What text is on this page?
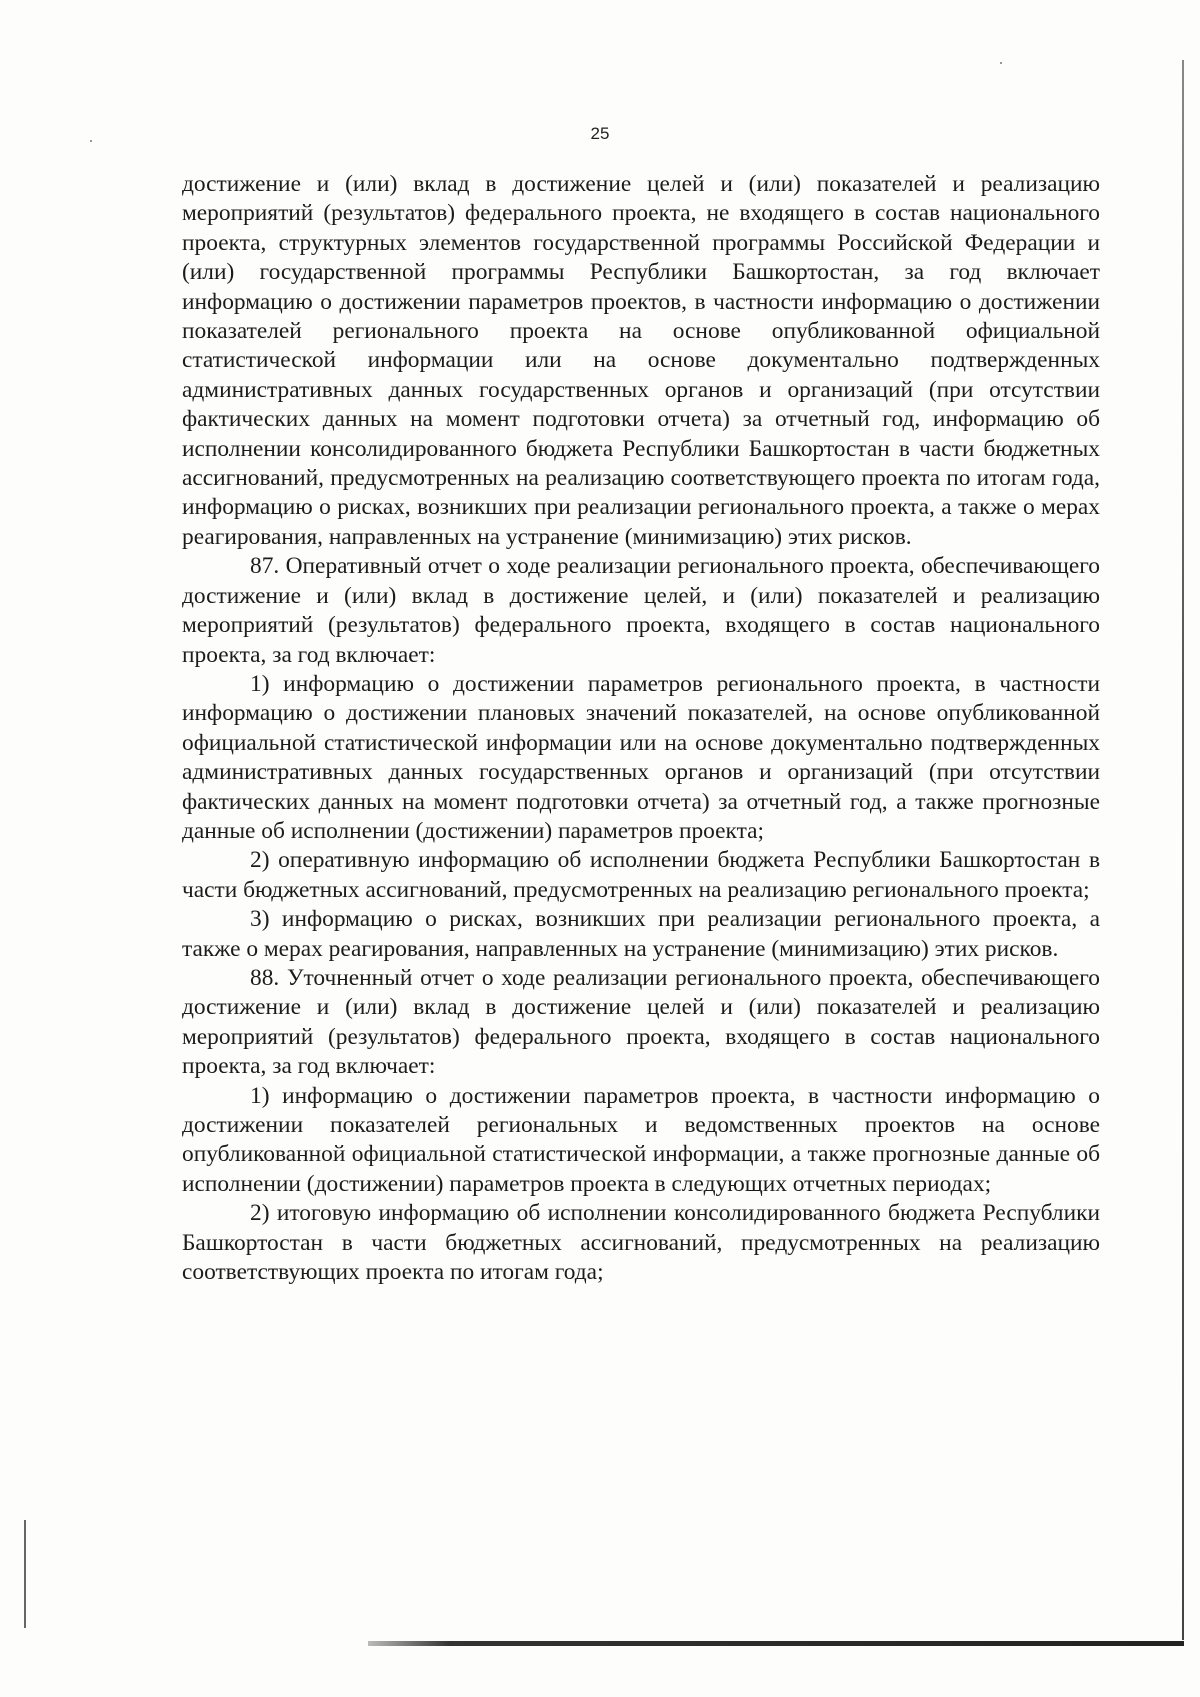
25

достижение и (или) вклад в достижение целей и (или) показателей и реализацию мероприятий (результатов) федерального проекта, не входящего в состав национального проекта, структурных элементов государственной программы Российской Федерации и (или) государственной программы Республики Башкортостан, за год включает информацию о достижении параметров проектов, в частности информацию о достижении показателей регионального проекта на основе опубликованной официальной статистической информации или на основе документально подтвержденных административных данных государственных органов и организаций (при отсутствии фактических данных на момент подготовки отчета) за отчетный год, информацию об исполнении консолидированного бюджета Республики Башкортостан в части бюджетных ассигнований, предусмотренных на реализацию соответствующего проекта по итогам года, информацию о рисках, возникших при реализации регионального проекта, а также о мерах реагирования, направленных на устранение (минимизацию) этих рисков.

87. Оперативный отчет о ходе реализации регионального проекта, обеспечивающего достижение и (или) вклад в достижение целей, и (или) показателей и реализацию мероприятий (результатов) федерального проекта, входящего в состав национального проекта, за год включает:

1) информацию о достижении параметров регионального проекта, в частности информацию о достижении плановых значений показателей, на основе опубликованной официальной статистической информации или на основе документально подтвержденных административных данных государственных органов и организаций (при отсутствии фактических данных на момент подготовки отчета) за отчетный год, а также прогнозные данные об исполнении (достижении) параметров проекта;

2) оперативную информацию об исполнении бюджета Республики Башкортостан в части бюджетных ассигнований, предусмотренных на реализацию регионального проекта;

3) информацию о рисках, возникших при реализации регионального проекта, а также о мерах реагирования, направленных на устранение (минимизацию) этих рисков.

88. Уточненный отчет о ходе реализации регионального проекта, обеспечивающего достижение и (или) вклад в достижение целей и (или) показателей и реализацию мероприятий (результатов) федерального проекта, входящего в состав национального проекта, за год включает:

1) информацию о достижении параметров проекта, в частности информацию о достижении показателей региональных и ведомственных проектов на основе опубликованной официальной статистической информации, а также прогнозные данные об исполнении (достижении) параметров проекта в следующих отчетных периодах;

2) итоговую информацию об исполнении консолидированного бюджета Республики Башкортостан в части бюджетных ассигнований, предусмотренных на реализацию соответствующих проекта по итогам года;
